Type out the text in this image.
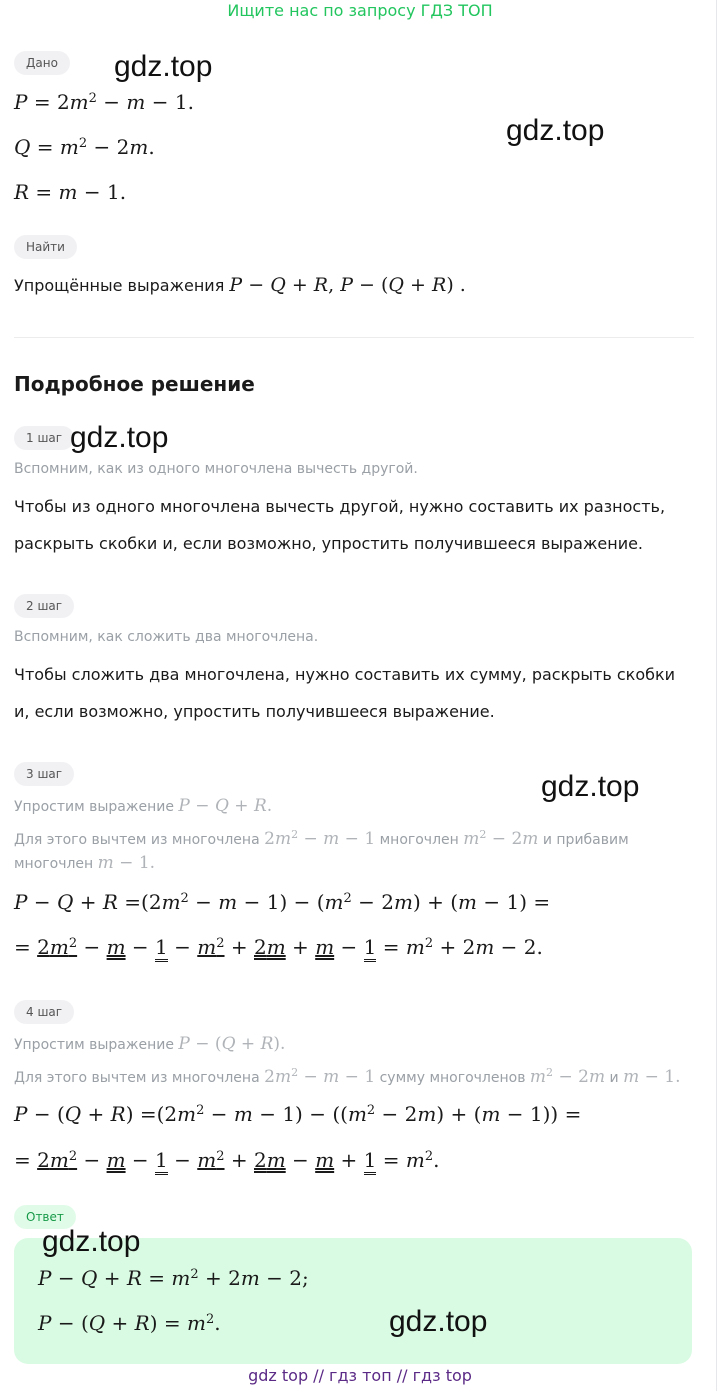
Ищите нас по запросу ГДЗ ТОП
Дано
$P = 2m^2 - m - 1$.
$Q = m^2 - 2m$.
R = m − 1.
Найти
Упрощённые выражения P − Q + R, P − (Q + R) .
Подробное решение
1 шаг
Вспомним, как из одного многочлена вычесть другой.
Чтобы из одного многочлена вычесть другой, нужно составить их разность,
раскрыть скобки и, если возможно, упростить получившееся выражение.
2 шаг
Вспомним, как сложить два многочлена.
Чтобы сложить два многочлена, нужно составить их сумму, раскрыть скобки
и, если возможно, упростить получившееся выражение.
3 шаг
Упростим выражение P − Q + R.
Для этого вычтем из многочлена $2m^2 - m - 1$ многочлен $m^2 - 2m$ и прибавим
многочлен m − 1.
$P - Q + R =(2m^2 - m - 1) - (m^2 - 2m) + (m - 1)$ =
= $2m^2 - m - 1 - m^2 + 2m + m - 1 = m^2 + 2m - 2$.
4 шаг
Упростим выражение P − (Q + R).
Для этого вычтем из многочлена $2m^2 - m - 1$ сумму многочленов $m^2 - 2m$ и m − 1.
$P - (Q + R) =(2m^2 - m - 1) - ((m^2 - 2m) + (m - 1))$ =
= $2m^2 - m - 1 - m^2 + 2m - m + 1 = m^2$.
Ответ
$P - Q + R = m^2 + 2m - 2$;
$P - (Q + R) = m^2$.
gdz.top
gdz.top
gdz.top
gdz.top
gdz.top
gdz.top
gdz top // гдз топ // гдз top
